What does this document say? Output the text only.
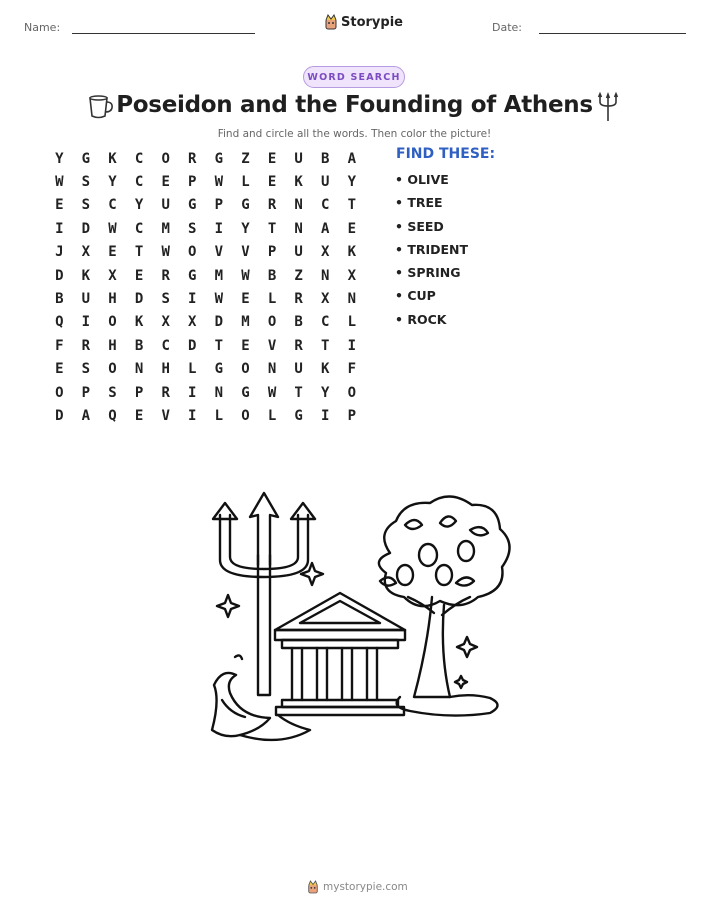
Name:	Storypie	Date:
WORD SEARCH
Poseidon and the Founding of Athens
Find and circle all the words. Then color the picture!
Y	G	K	C	O	R	G	Z	E	U	B	A
W	S	Y	C	E	P	W	L	E	K	U	Y
E	S	C	Y	U	G	P	G	R	N	C	T
I	D	W	C	M	S	I	Y	T	N	A	E
J	X	E	T	W	O	V	V	P	U	X	K
D	K	X	E	R	G	M	W	B	Z	N	X
B	U	H	D	S	I	W	E	L	R	X	N
Q	I	O	K	X	X	D	M	O	B	C	L
F	R	H	B	C	D	T	E	V	R	T	I
E	S	O	N	H	L	G	O	N	U	K	F
O	P	S	P	R	I	N	G	W	T	Y	O
D	A	Q	E	V	I	L	O	L	G	I	P
FIND THESE:
• OLIVE
• TREE
• SEED
• TRIDENT
• SPRING
• CUP
• ROCK
mystorypie.com
